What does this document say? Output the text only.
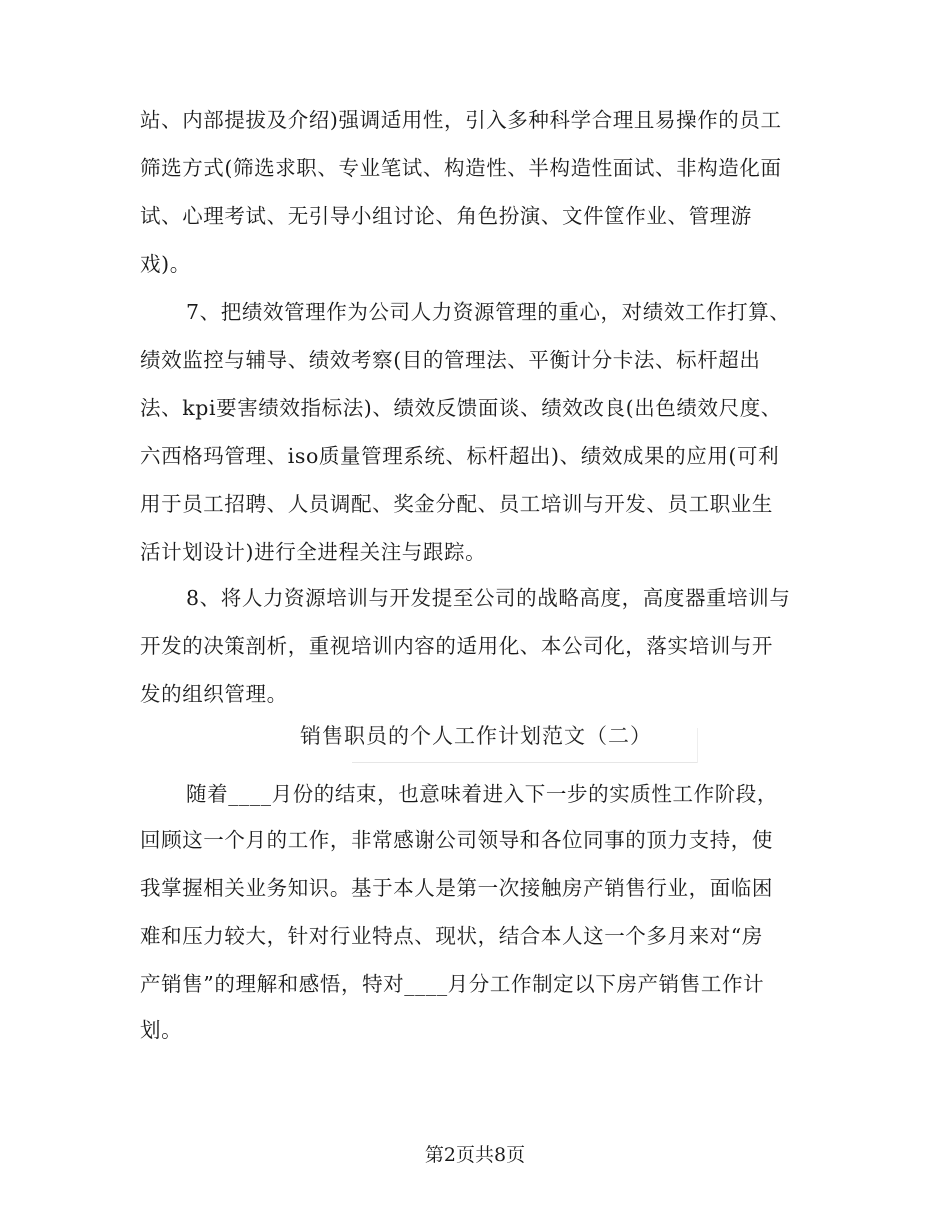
站、内部提拔及介绍)强调适用性，引入多种科学合理且易操作的员工
筛选方式(筛选求职、专业笔试、构造性、半构造性面试、非构造化面
试、心理考试、无引导小组讨论、角色扮演、文件筐作业、管理游
戏)。
7、把绩效管理作为公司人力资源管理的重心，对绩效工作打算、
绩效监控与辅导、绩效考察(目的管理法、平衡计分卡法、标杆超出
法、kpi要害绩效指标法)、绩效反馈面谈、绩效改良(出色绩效尺度、
六西格玛管理、iso质量管理系统、标杆超出)、绩效成果的应用(可利
用于员工招聘、人员调配、奖金分配、员工培训与开发、员工职业生
活计划设计)进行全进程关注与跟踪。
8、将人力资源培训与开发提至公司的战略高度，高度器重培训与
开发的决策剖析，重视培训内容的适用化、本公司化，落实培训与开
发的组织管理。
销售职员的个人工作计划范文（二）
随着____月份的结束，也意味着进入下一步的实质性工作阶段，
回顾这一个月的工作，非常感谢公司领导和各位同事的顶力支持，使
我掌握相关业务知识。基于本人是第一次接触房产销售行业，面临困
难和压力较大，针对行业特点、现状，结合本人这一个多月来对“房
产销售”的理解和感悟，特对____月分工作制定以下房产销售工作计
划。
第2页共8页
